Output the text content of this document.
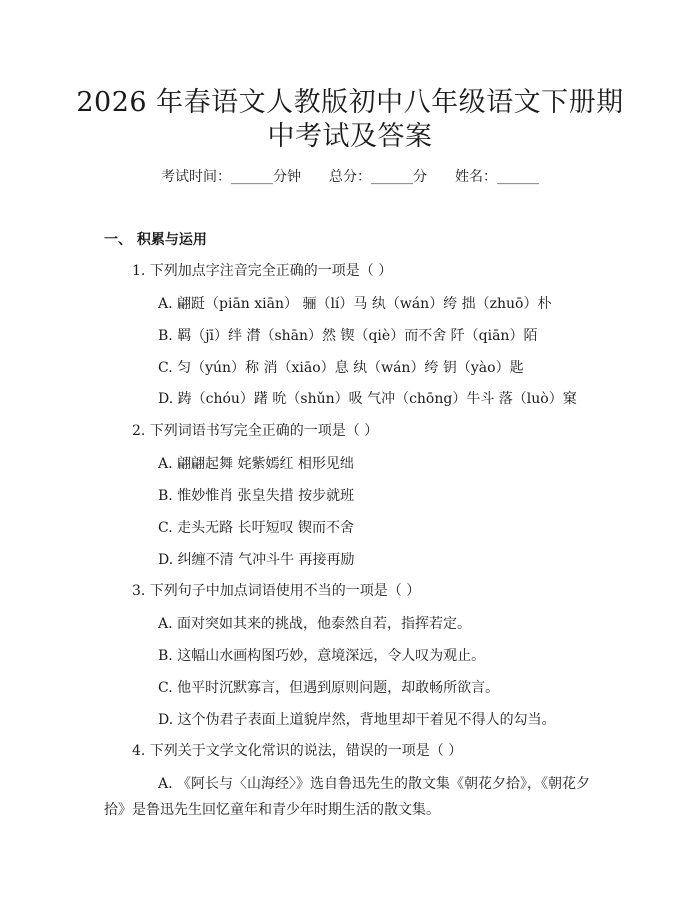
2026 年春语文人教版初中八年级语文下册期
中考试及答案
考试时间：______分钟 总分：______分 姓名：______
一、 积累与运用
1. 下列加点字注音完全正确的一项是（ ）
A. 翩跹（piān xiān） 骊（lí）马 纨（wán）绔 拙（zhuō）朴
B. 羁（jī）绊 潸（shān）然 锲（qiè）而不舍 阡（qiān）陌
C. 匀（yún）称 消（xiāo）息 纨（wán）绔 钥（yào）匙
D. 踌（chóu）躇 吮（shǔn）吸 气冲（chōng）牛斗 落（luò）窠
2. 下列词语书写完全正确的一项是（ ）
A. 翩翩起舞 姹紫嫣红 相形见绌
B. 惟妙惟肖 张皇失措 按步就班
C. 走头无路 长吁短叹 锲而不舍
D. 纠缠不清 气冲斗牛 再接再励
3. 下列句子中加点词语使用不当的一项是（ ）
A. 面对突如其来的挑战，他泰然自若，指挥若定。
B. 这幅山水画构图巧妙，意境深远，令人叹为观止。
C. 他平时沉默寡言，但遇到原则问题，却敢畅所欲言。
D. 这个伪君子表面上道貌岸然，背地里却干着见不得人的勾当。
4. 下列关于文学文化常识的说法，错误的一项是（ ）
A. 《阿长与〈山海经〉》选自鲁迅先生的散文集《朝花夕拾》，《朝花夕拾》是鲁迅先生回忆童年和青少年时期生活的散文集。
